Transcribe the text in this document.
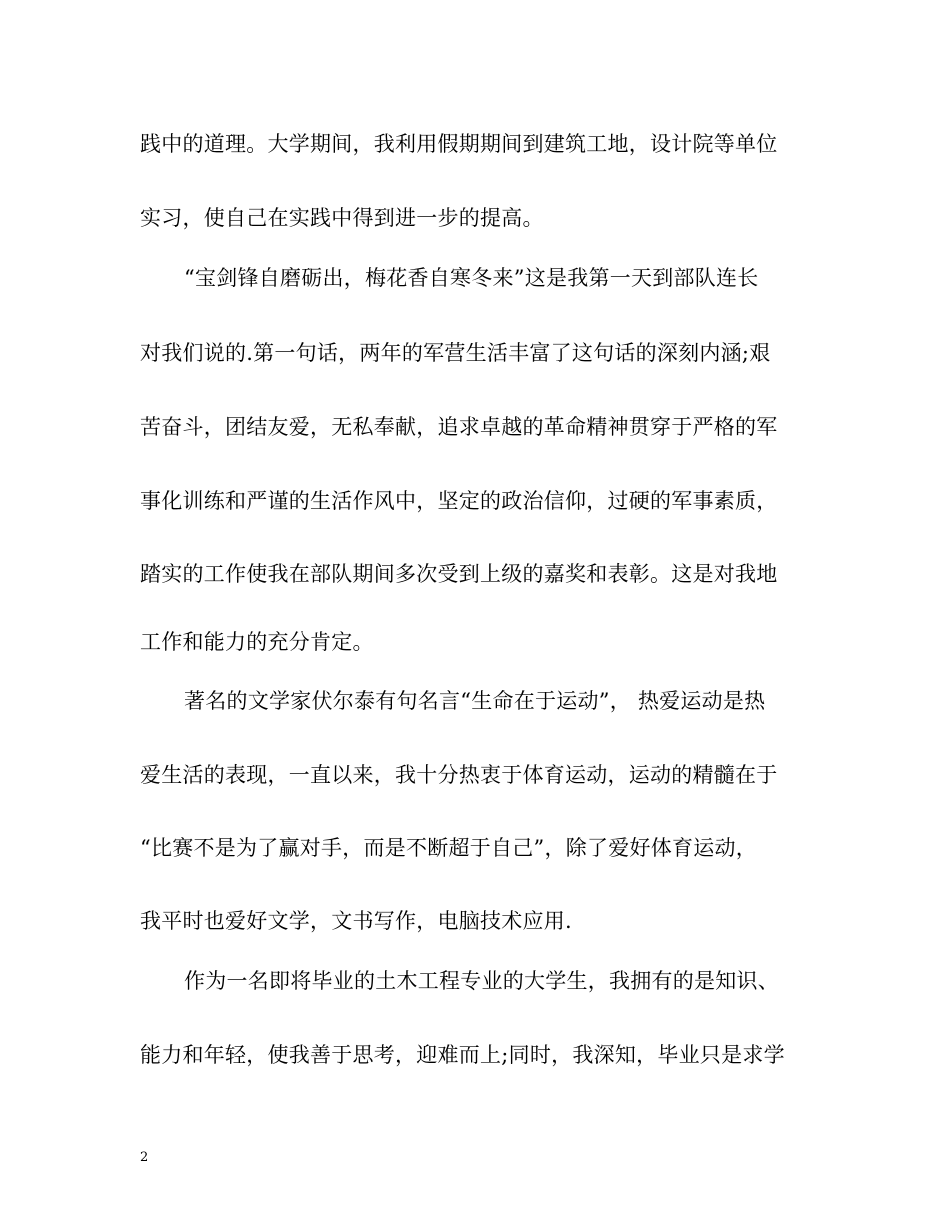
践中的道理。大学期间，我利用假期期间到建筑工地，设计院等单位
实习，使自己在实践中得到进一步的提高。
“宝剑锋自磨砺出，梅花香自寒冬来”这是我第一天到部队连长
对我们说的.第一句话，两年的军营生活丰富了这句话的深刻内涵;艰
苦奋斗，团结友爱，无私奉献，追求卓越的革命精神贯穿于严格的军
事化训练和严谨的生活作风中，坚定的政治信仰，过硬的军事素质，
踏实的工作使我在部队期间多次受到上级的嘉奖和表彰。这是对我地
工作和能力的充分肯定。
著名的文学家伏尔泰有句名言“生命在于运动”， 热爱运动是热
爱生活的表现，一直以来，我十分热衷于体育运动，运动的精髓在于
“比赛不是为了赢对手，而是不断超于自己”，除了爱好体育运动，
我平时也爱好文学，文书写作，电脑技术应用.
作为一名即将毕业的土木工程专业的大学生，我拥有的是知识、
能力和年轻，使我善于思考，迎难而上;同时，我深知，毕业只是求学
2
